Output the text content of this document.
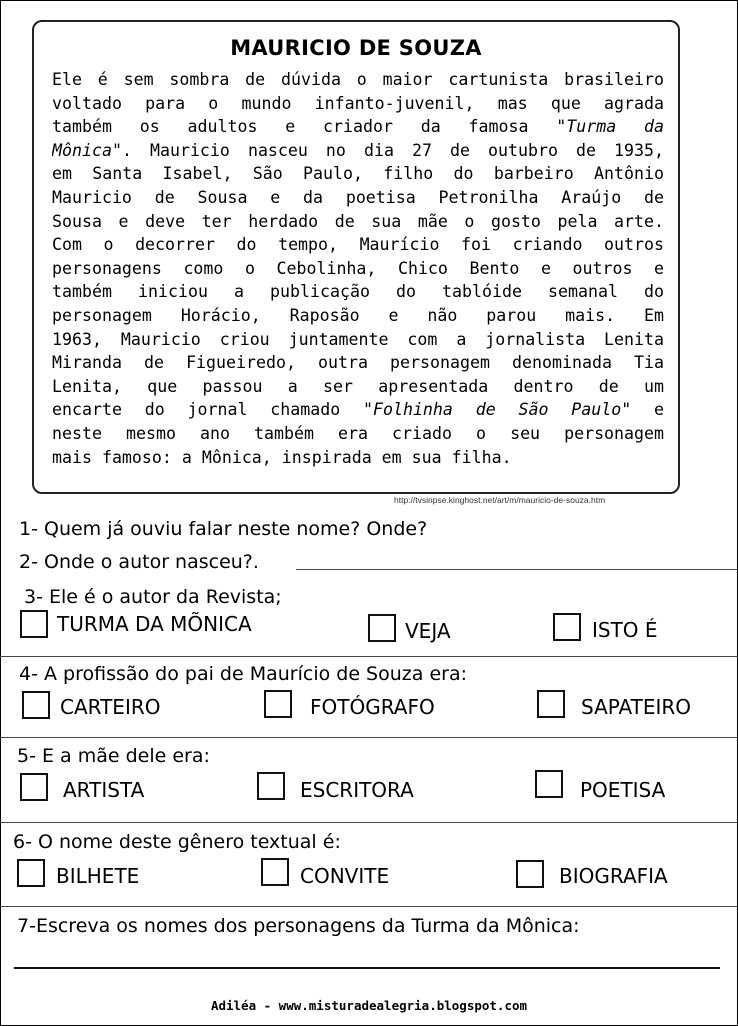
MAURICIO DE SOUZA
Ele é sem sombra de dúvida o maior cartunista brasileiro
voltado para o mundo infanto-juvenil, mas que agrada
também os adultos e criador da famosa "Turma da
Mônica". Mauricio nasceu no dia 27 de outubro de 1935,
em Santa Isabel, São Paulo, filho do barbeiro Antônio
Mauricio de Sousa e da poetisa Petronilha Araújo de
Sousa e deve ter herdado de sua mãe o gosto pela arte.
Com o decorrer do tempo, Maurício foi criando outros
personagens como o Cebolinha, Chico Bento e outros e
também iniciou a publicação do tablóide semanal do
personagem Horácio, Raposão e não parou mais. Em
1963, Mauricio criou juntamente com a jornalista Lenita
Miranda de Figueiredo, outra personagem denominada Tia
Lenita, que passou a ser apresentada dentro de um
encarte do jornal chamado "Folhinha de São Paulo" e
neste mesmo ano também era criado o seu personagem
mais famoso: a Mônica, inspirada em sua filha.
http://tvsinpse.kinghost.net/art/m/mauricio-de-souza.htm
1- Quem já ouviu falar neste nome? Onde?
2- Onde o autor nasceu?.
3- Ele é o autor da Revista;
TURMA DA MÕNICA	VEJA	ISTO É
4- A profissão do pai de Maurício de Souza era:
CARTEIRO	FOTÓGRAFO	SAPATEIRO
5- E a mãe dele era:
ARTISTA	ESCRITORA	POETISA
6- O nome deste gênero textual é:
BILHETE	CONVITE	BIOGRAFIA
7-Escreva os nomes dos personagens da Turma da Mônica:
Adiléa - www.misturadealegria.blogspot.com
